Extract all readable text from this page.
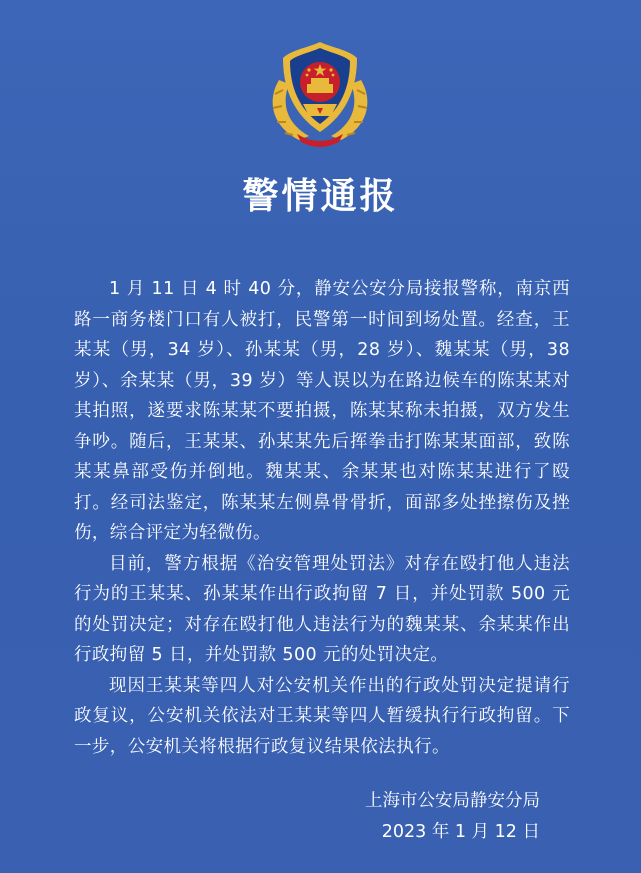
警情通报

1 月 11 日 4 时 40 分，静安公安分局接报警称，南京西路一商务楼门口有人被打，民警第一时间到场处置。经查，王某某（男，34 岁）、孙某某（男，28 岁）、魏某某（男，38 岁）、余某某（男，39 岁）等人误以为在路边候车的陈某某对其拍照，遂要求陈某某不要拍摄，陈某某称未拍摄，双方发生争吵。随后，王某某、孙某某先后挥拳击打陈某某面部，致陈某某鼻部受伤并倒地。魏某某、余某某也对陈某某进行了殴打。经司法鉴定，陈某某左侧鼻骨骨折，面部多处挫擦伤及挫伤，综合评定为轻微伤。

目前，警方根据《治安管理处罚法》对存在殴打他人违法行为的王某某、孙某某作出行政拘留 7 日，并处罚款 500 元的处罚决定；对存在殴打他人违法行为的魏某某、余某某作出行政拘留 5 日，并处罚款 500 元的处罚决定。

现因王某某等四人对公安机关作出的行政处罚决定提请行政复议，公安机关依法对王某某等四人暂缓执行行政拘留。下一步，公安机关将根据行政复议结果依法执行。

上海市公安局静安分局
2023 年 1 月 12 日
